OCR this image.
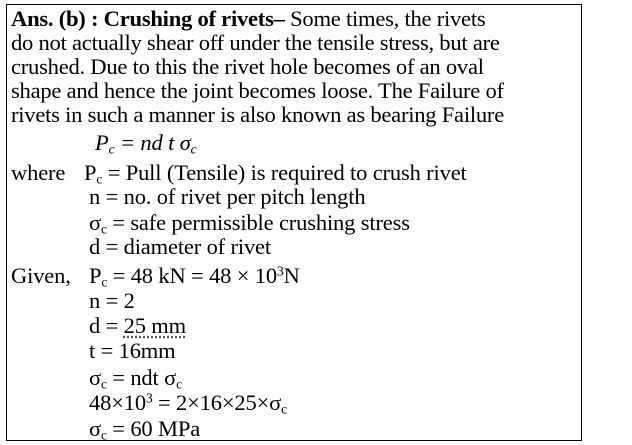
Ans. (b) : Crushing of rivets– Some times, the rivets
do not actually shear off under the tensile stress, but are
crushed. Due to this the rivet hole becomes of an oval
shape and hence the joint becomes loose. The Failure of
rivets in such a manner is also known as bearing Failure
$P_c$ = nd t $\sigma_c$
where $P_c$ = Pull (Tensile) is required to crush rivet
n = no. of rivet per pitch length
$\sigma_c$ = safe permissible crushing stress
d = diameter of rivet
Given, $P_c = 48$ kN = $48 \times 10^3N$
n = 2
d = 25 mm
t = 16mm
$\sigma_c$ = ndt $\sigma_c$
$48\times 10^3 = 2\times 16\times 25\times\sigma_c$
$\sigma_c = 60$ MPa
